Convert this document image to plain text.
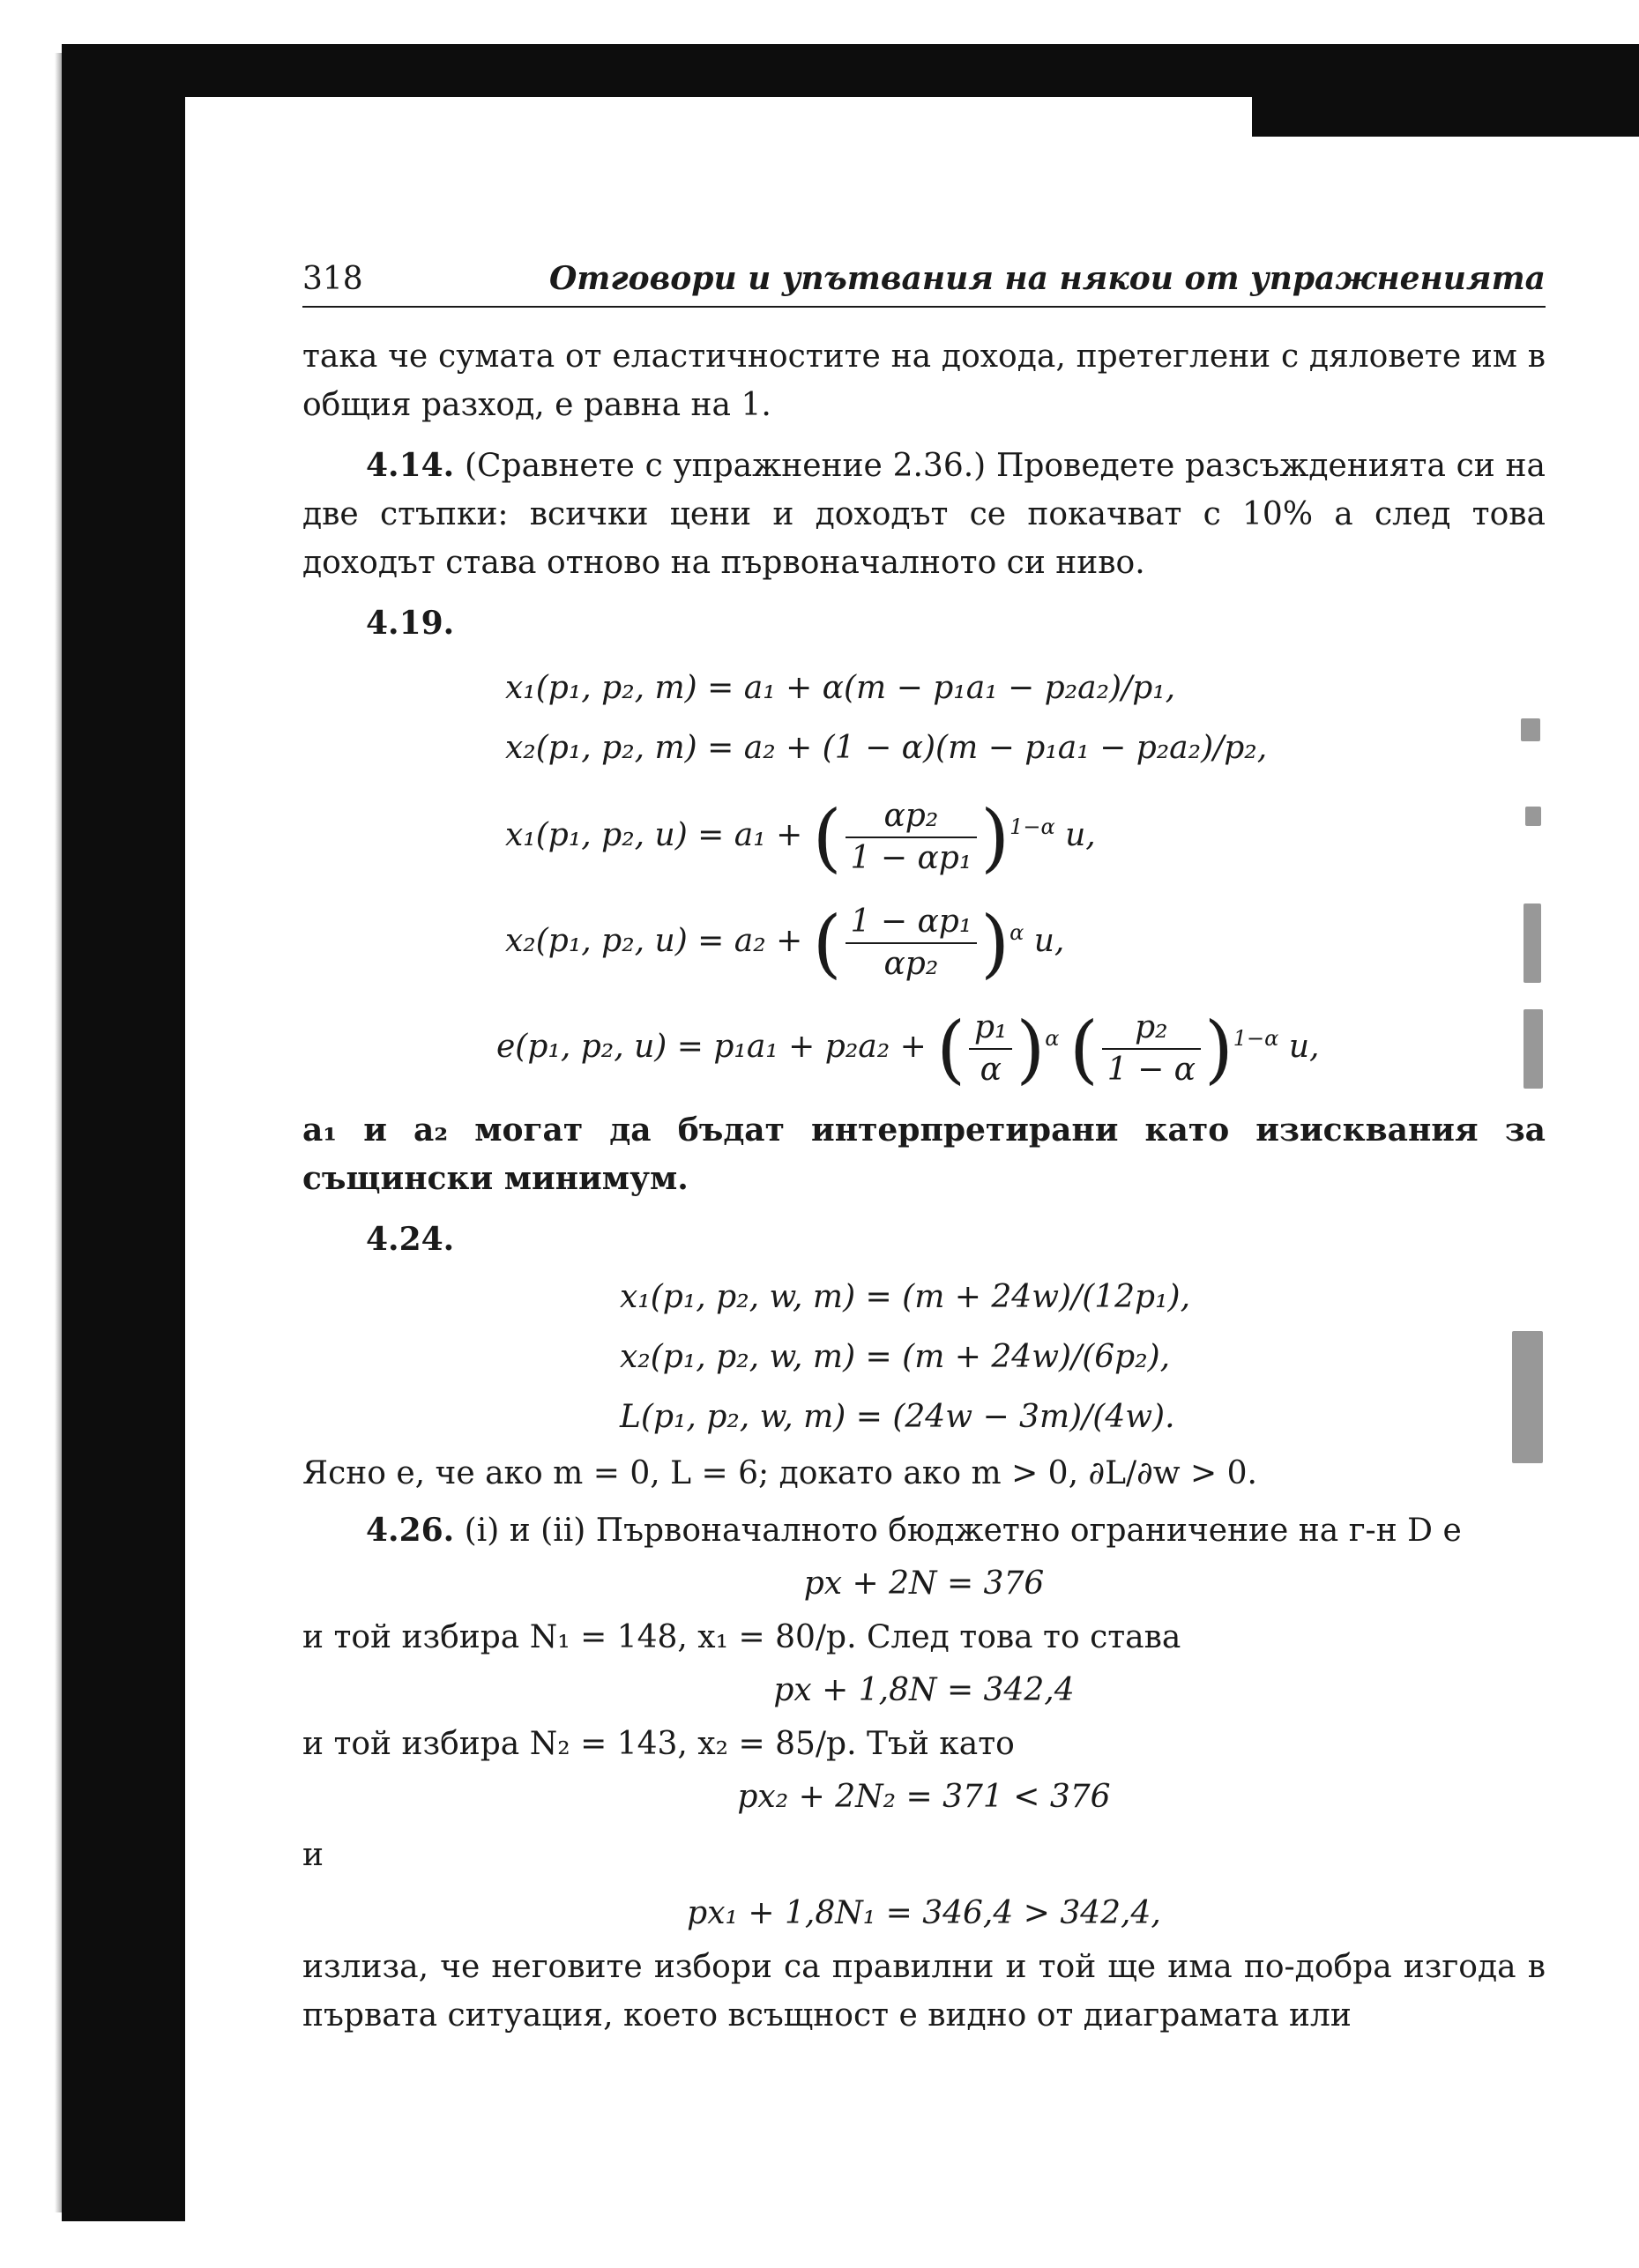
318	Отговори и упътвания на някои от упражненията

така че сумата от еластичностите на дохода, претеглени с дяловете им в общия разход, е равна на 1.

4.14. (Сравнете с упражнение 2.36.) Проведете разсъжденията си на две стъпки: всички цени и доходът се покачват с 10% а след това доходът става отново на първоначалното си ниво.

4.19.

x₁(p₁, p₂, m) = a₁ + α(m − p₁a₁ − p₂a₂)/p₁,
x₂(p₁, p₂, m) = a₂ + (1 − α)(m − p₁a₁ − p₂a₂)/p₂,
x₁(p₁, p₂, u) = a₁ + ( $\frac{\text{αp₂}}{\text{1 − αp₁}} )^{1-\alpha}$ u,
x₂(p₁, p₂, u) = a₂ + ( $\frac{\text{1 − αp₁}}{\text{αp₂}} )^\alpha$ u,
e(p₁, p₂, u) = p₁a₁ + p₂a₂ + ( $\frac{\text{p₁}}{\alpha} )^\alpha$ ( $\frac{\text{p₂}}{1 - \alpha} )^{1-\alpha}$ u,

a₁ и a₂ могат да бъдат интерпретирани като изисквания за същински минимум.

4.24.

x₁(p₁, p₂, w, m) = (m + 24w)/(12p₁),
x₂(p₁, p₂, w, m) = (m + 24w)/(6p₂),
L(p₁, p₂, w, m) = (24w − 3m)/(4w).

Ясно е, че ако m = 0, L = 6; докато ако m > 0, ∂L/∂w > 0.

4.26. (i) и (ii) Първоначалното бюджетно ограничение на г-н D е

px + 2N = 376

и той избира N₁ = 148, x₁ = 80/p. След това то става

px + 1,8N = 342,4

и той избира N₂ = 143, x₂ = 85/p. Тъй като

px₂ + 2N₂ = 371 < 376

и

px₁ + 1,8N₁ = 346,4 > 342,4,

излиза, че неговите избори са правилни и той ще има по-добра изгода в първата ситуация, което всъщност е видно от диаграмата или
